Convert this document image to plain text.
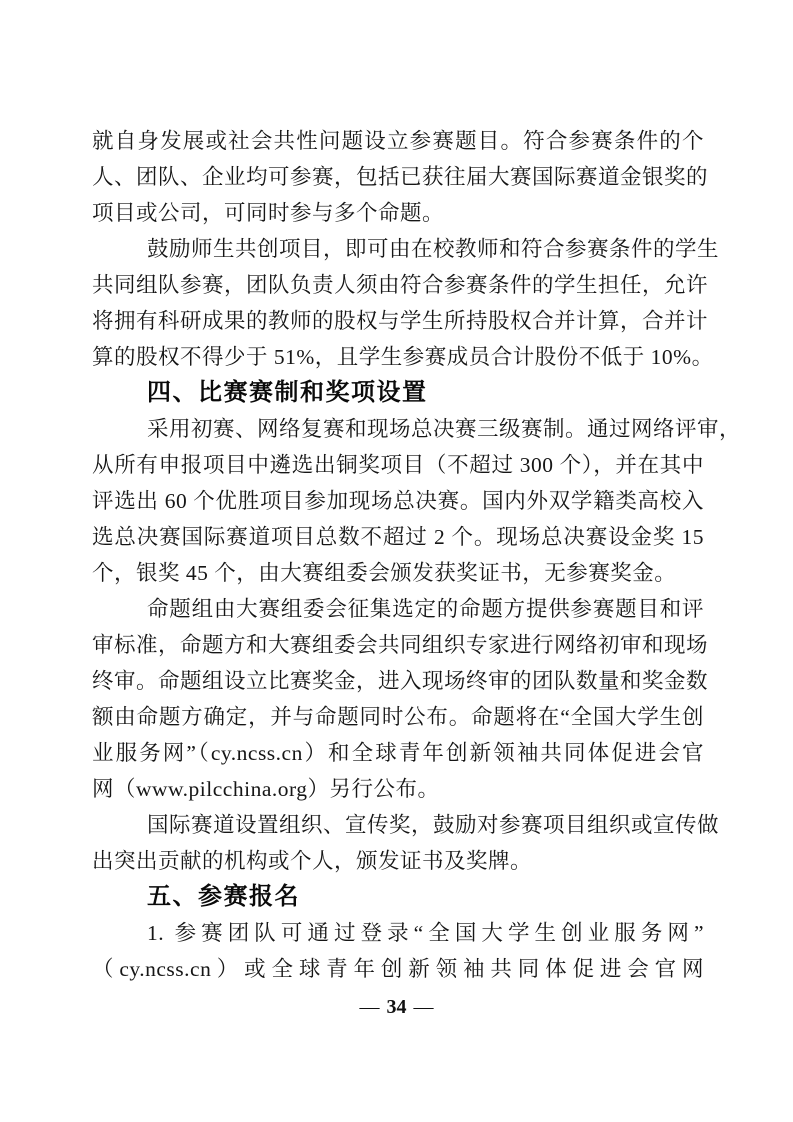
就自身发展或社会共性问题设立参赛题目。符合参赛条件的个
人、团队、企业均可参赛，包括已获往届大赛国际赛道金银奖的
项目或公司，可同时参与多个命题。
鼓励师生共创项目，即可由在校教师和符合参赛条件的学生
共同组队参赛，团队负责人须由符合参赛条件的学生担任，允许
将拥有科研成果的教师的股权与学生所持股权合并计算，合并计
算的股权不得少于 51%，且学生参赛成员合计股份不低于 10%。
四、比赛赛制和奖项设置
采用初赛、网络复赛和现场总决赛三级赛制。通过网络评审，
从所有申报项目中遴选出铜奖项目（不超过 300 个），并在其中
评选出 60 个优胜项目参加现场总决赛。国内外双学籍类高校入
选总决赛国际赛道项目总数不超过 2 个。现场总决赛设金奖 15
个，银奖 45 个，由大赛组委会颁发获奖证书，无参赛奖金。
命题组由大赛组委会征集选定的命题方提供参赛题目和评
审标准，命题方和大赛组委会共同组织专家进行网络初审和现场
终审。命题组设立比赛奖金，进入现场终审的团队数量和奖金数
额由命题方确定，并与命题同时公布。命题将在“全国大学生创
业服务网”（cy.ncss.cn）和全球青年创新领袖共同体促进会官
网（www.pilcchina.org）另行公布。
国际赛道设置组织、宣传奖，鼓励对参赛项目组织或宣传做
出突出贡献的机构或个人，颁发证书及奖牌。
五、参赛报名
1. 参赛团队可通过登录“全国大学生创业服务网”
（cy.ncss.cn）或全球青年创新领袖共同体促进会官网
— 34 —
